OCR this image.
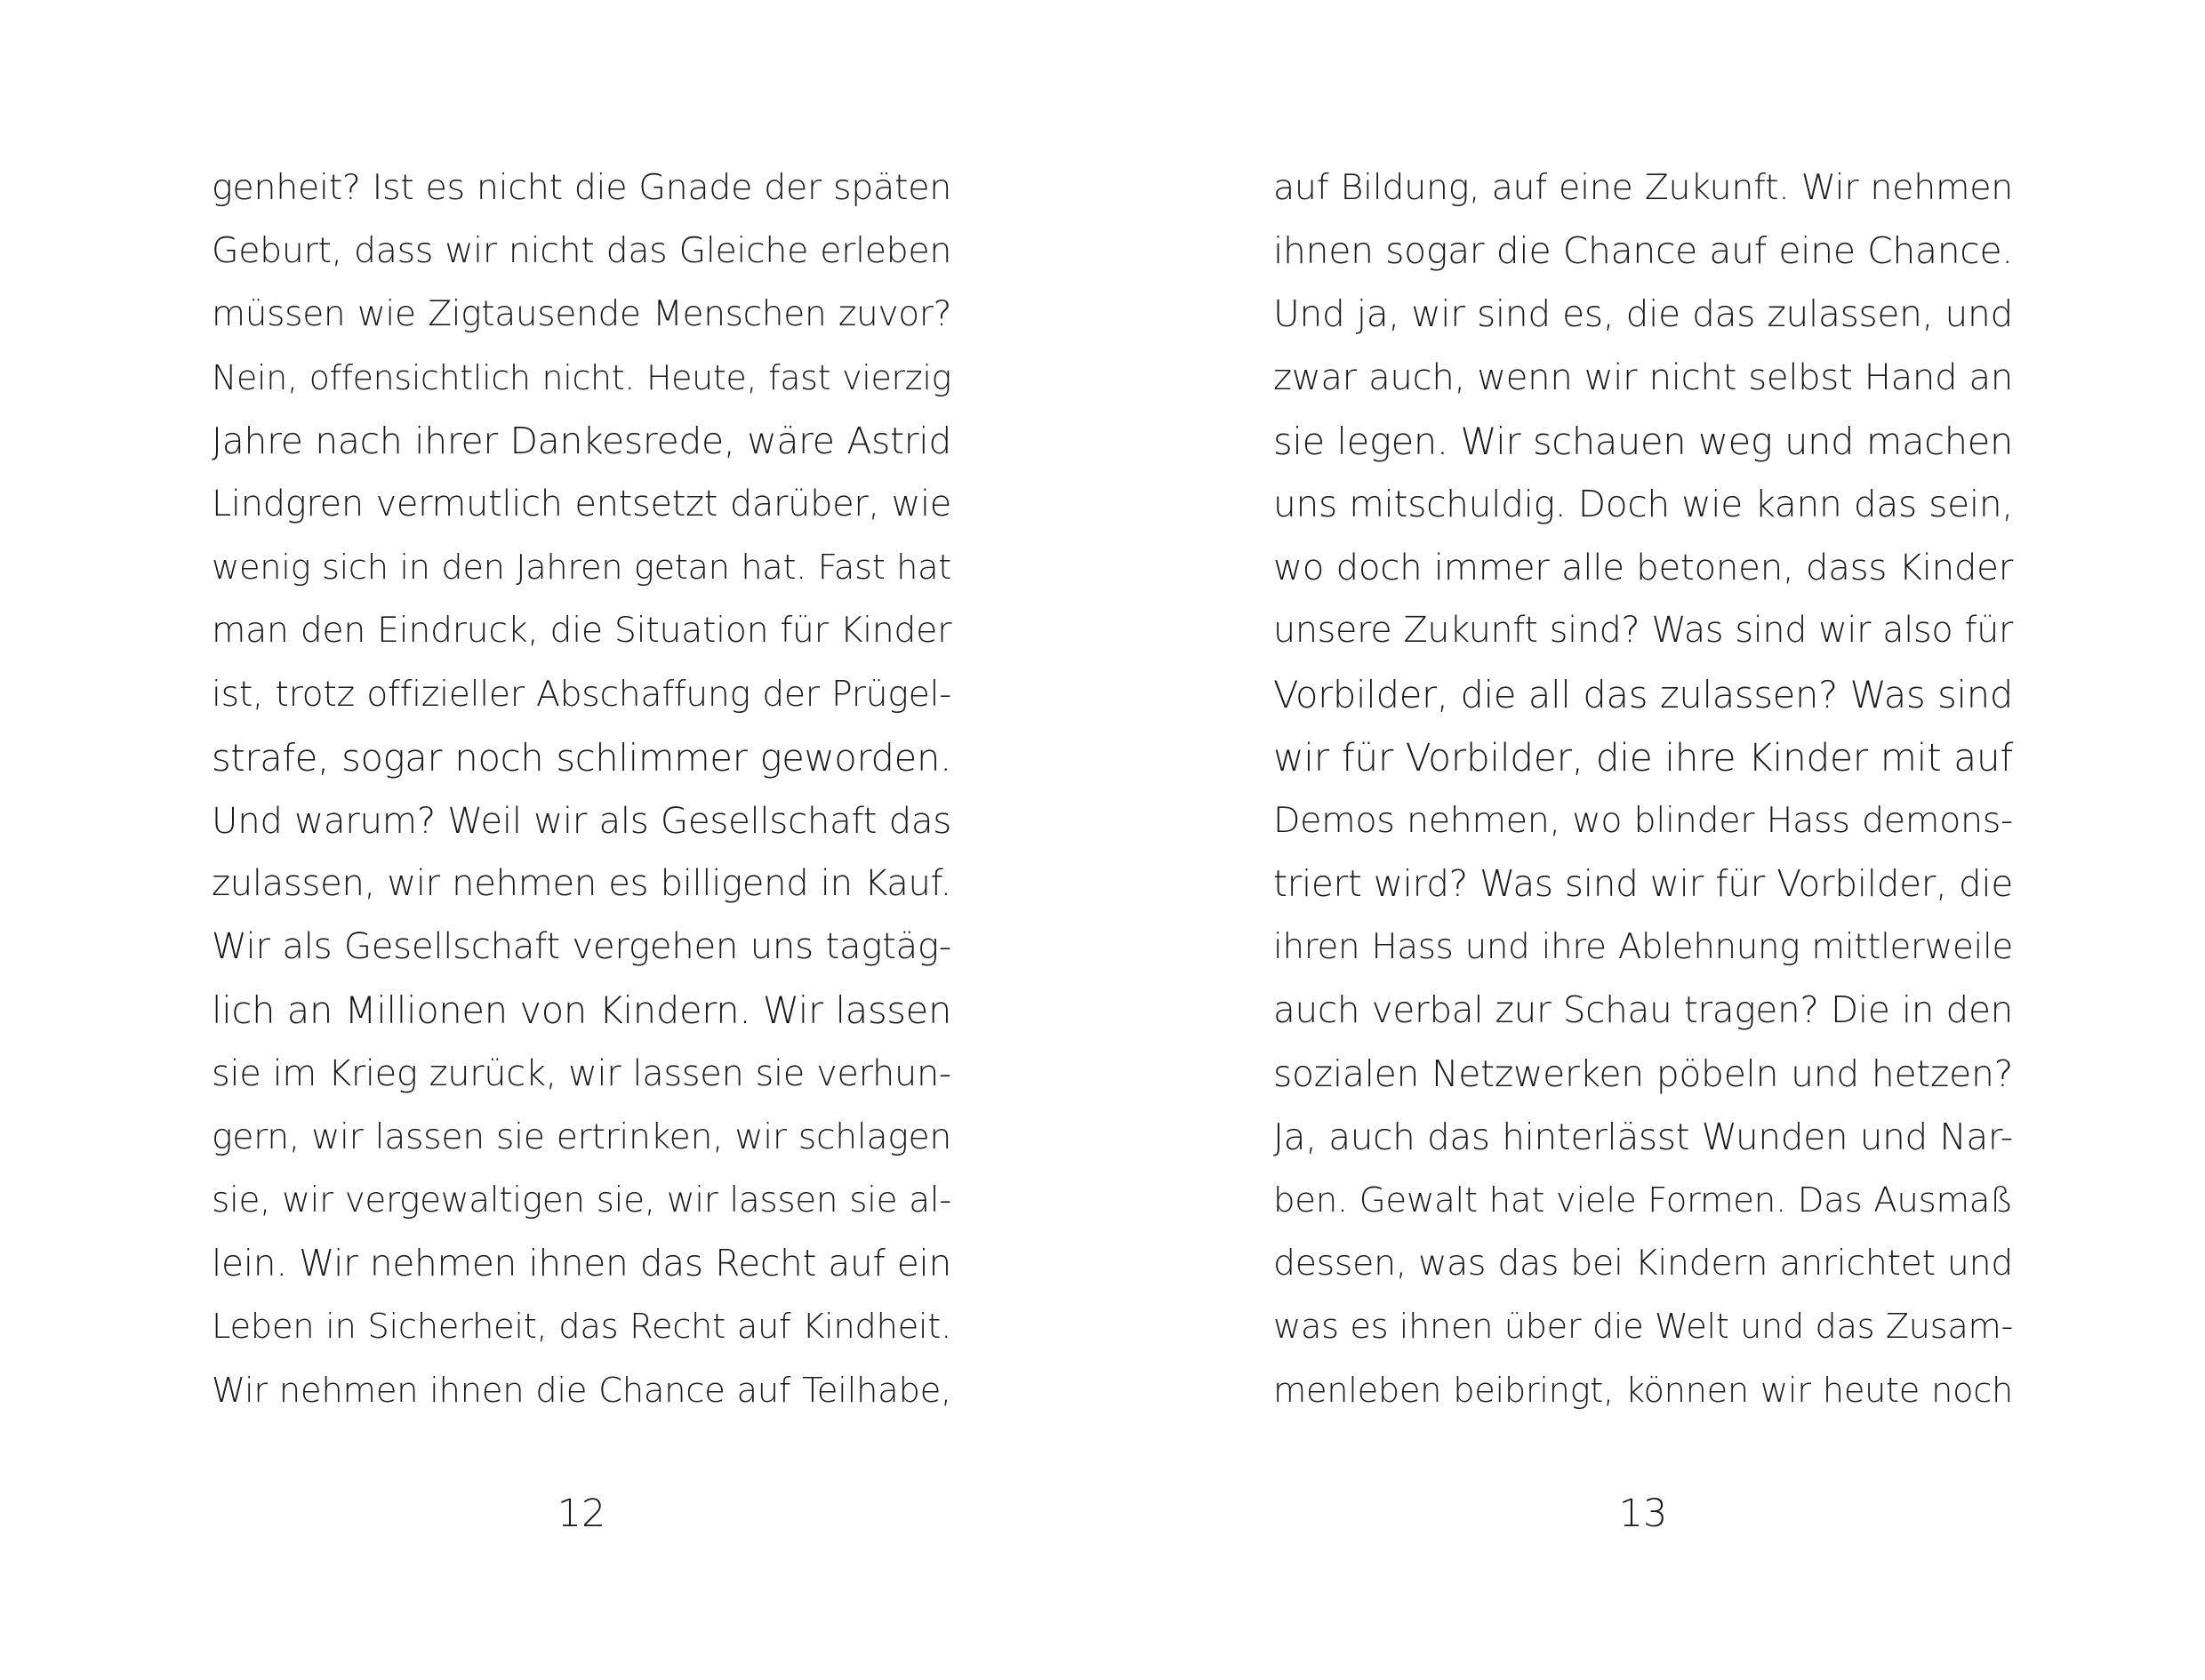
genheit? Ist es nicht die Gnade der späten
Geburt, dass wir nicht das Gleiche erleben
müssen wie Zigtausende Menschen zuvor?
Nein, offensichtlich nicht. Heute, fast vierzig
Jahre nach ihrer Dankesrede, wäre Astrid
Lindgren vermutlich entsetzt darüber, wie
wenig sich in den Jahren getan hat. Fast hat
man den Eindruck, die Situation für Kinder
ist, trotz offizieller Abschaffung der Prügel-
strafe, sogar noch schlimmer geworden.
Und warum? Weil wir als Gesellschaft das
zulassen, wir nehmen es billigend in Kauf.
Wir als Gesellschaft vergehen uns tagtäg-
lich an Millionen von Kindern. Wir lassen
sie im Krieg zurück, wir lassen sie verhun-
gern, wir lassen sie ertrinken, wir schlagen
sie, wir vergewaltigen sie, wir lassen sie al-
lein. Wir nehmen ihnen das Recht auf ein
Leben in Sicherheit, das Recht auf Kindheit.
Wir nehmen ihnen die Chance auf Teilhabe,
12
auf Bildung, auf eine Zukunft. Wir nehmen
ihnen sogar die Chance auf eine Chance.
Und ja, wir sind es, die das zulassen, und
zwar auch, wenn wir nicht selbst Hand an
sie legen. Wir schauen weg und machen
uns mitschuldig. Doch wie kann das sein,
wo doch immer alle betonen, dass Kinder
unsere Zukunft sind? Was sind wir also für
Vorbilder, die all das zulassen? Was sind
wir für Vorbilder, die ihre Kinder mit auf
Demos nehmen, wo blinder Hass demons-
triert wird? Was sind wir für Vorbilder, die
ihren Hass und ihre Ablehnung mittlerweile
auch verbal zur Schau tragen? Die in den
sozialen Netzwerken pöbeln und hetzen?
Ja, auch das hinterlässt Wunden und Nar-
ben. Gewalt hat viele Formen. Das Ausmaß
dessen, was das bei Kindern anrichtet und
was es ihnen über die Welt und das Zusam-
menleben beibringt, können wir heute noch
13
